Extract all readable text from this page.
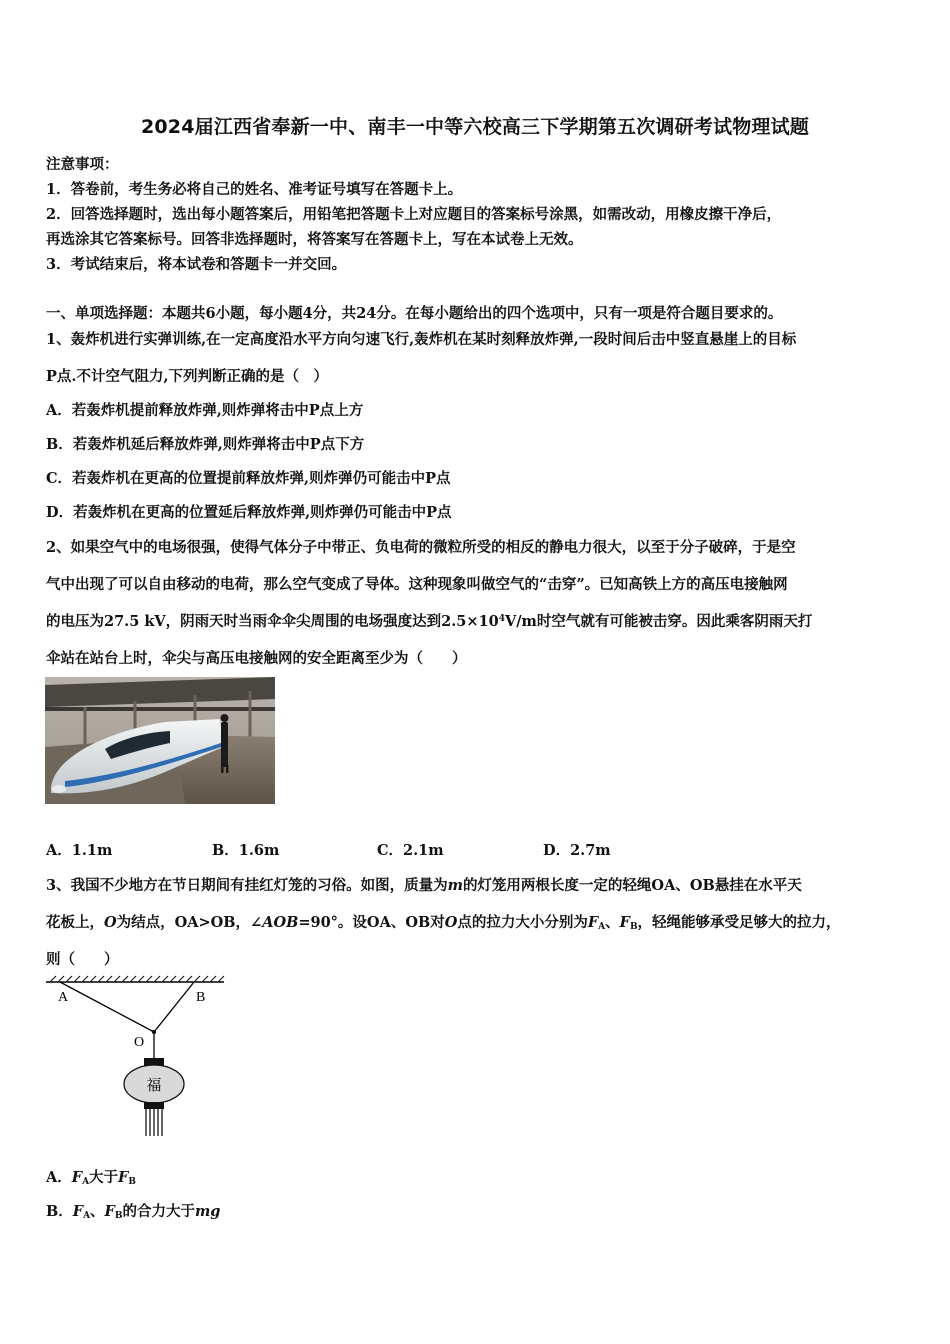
2024届江西省奉新一中、南丰一中等六校高三下学期第五次调研考试物理试题
注意事项：
1．答卷前，考生务必将自己的姓名、准考证号填写在答题卡上。
2．回答选择题时，选出每小题答案后，用铅笔把答题卡上对应题目的答案标号涂黑，如需改动，用橡皮擦干净后，
再选涂其它答案标号。回答非选择题时，将答案写在答题卡上，写在本试卷上无效。
3．考试结束后，将本试卷和答题卡一并交回。
一、单项选择题：本题共6小题，每小题4分，共24分。在每小题给出的四个选项中，只有一项是符合题目要求的。
1、轰炸机进行实弹训练,在一定高度沿水平方向匀速飞行,轰炸机在某时刻释放炸弹,一段时间后击中竖直悬崖上的目标
P点.不计空气阻力,下列判断正确的是（　）
A．若轰炸机提前释放炸弹,则炸弹将击中P点上方
B．若轰炸机延后释放炸弹,则炸弹将击中P点下方
C．若轰炸机在更高的位置提前释放炸弹,则炸弹仍可能击中P点
D．若轰炸机在更高的位置延后释放炸弹,则炸弹仍可能击中P点
2、如果空气中的电场很强，使得气体分子中带正、负电荷的微粒所受的相反的静电力很大，以至于分子破碎，于是空
气中出现了可以自由移动的电荷，那么空气变成了导体。这种现象叫做空气的“击穿”。已知高铁上方的高压电接触网
的电压为27.5 kV，阴雨天时当雨伞伞尖周围的电场强度达到$2.5\times 10^4V/m$时空气就有可能被击穿。因此乘客阴雨天打
伞站在站台上时，伞尖与高压电接触网的安全距离至少为（　　）
A．1.1m	B．1.6m	C．2.1m	D．2.7m
3、我国不少地方在节日期间有挂红灯笼的习俗。如图，质量为m的灯笼用两根长度一定的轻绳OA、OB悬挂在水平天
花板上，O为结点，OA>OB，∠AOB=90°。设OA、OB对O点的拉力大小分别为$F_A$、$F_B$，轻绳能够承受足够大的拉力，
则（　　）
A	B
O
福
A．$F_A$大于$F_B$
B．$F_A$、$F_B$的合力大于mg
